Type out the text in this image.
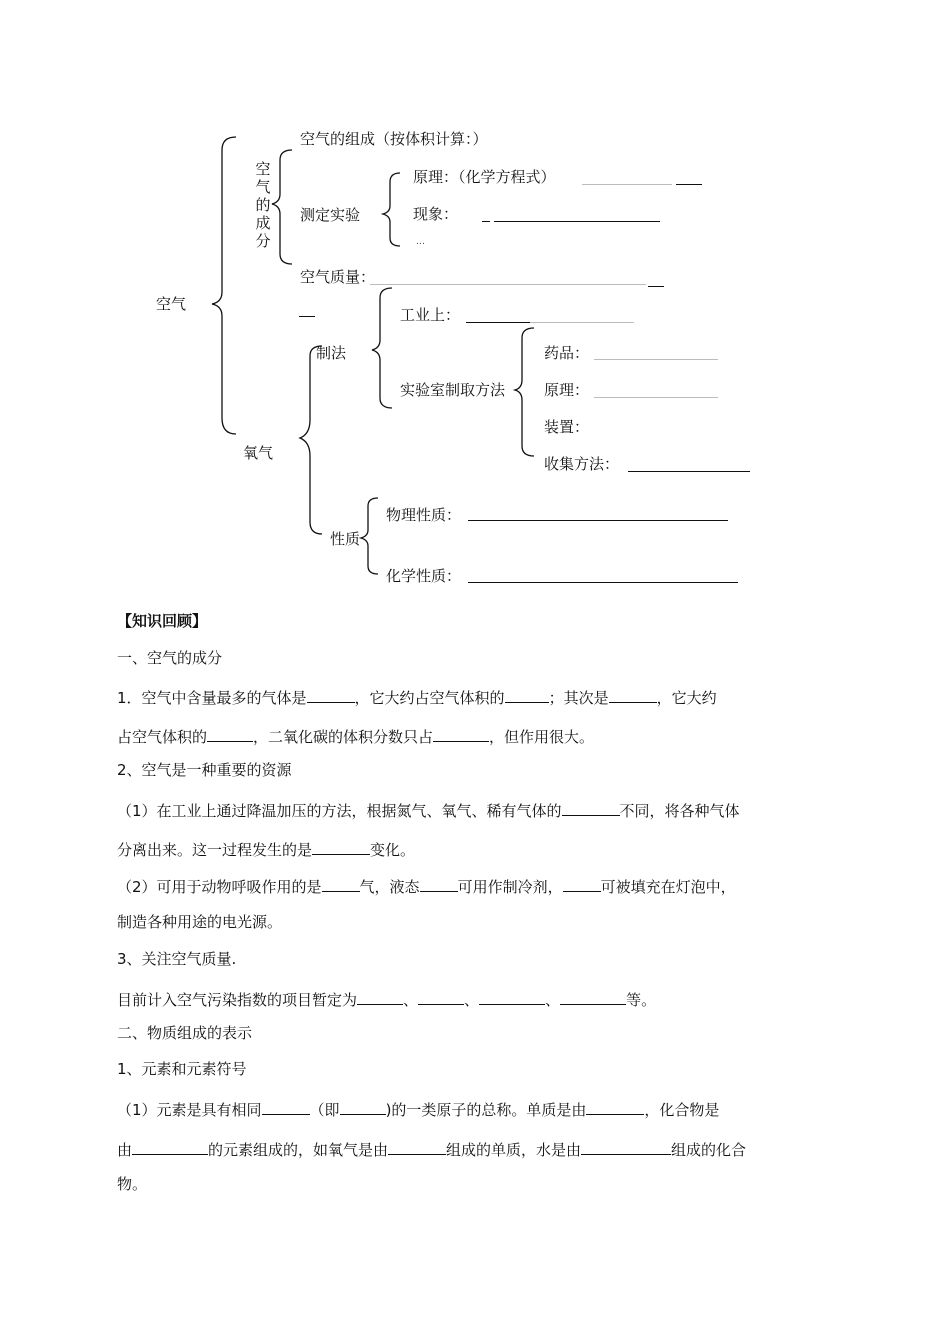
空气
空气的组成（按体积计算：）
空气的成分
测定实验
原理：（化学方程式）
现象：
…
空气质量：
氧气
制法
工业上：
实验室制取方法
药品：
原理：
装置：
收集方法：
性质
物理性质：
化学性质：
【知识回顾】
一、空气的成分
1．空气中含量最多的气体是	，它大约占空气体积的	；其次是	，它大约
占空气体积的	，二氧化碳的体积分数只占	，但作用很大。
2、空气是一种重要的资源
（1）在工业上通过降温加压的方法，根据氮气、氧气、稀有气体的	不同，将各种气体
分离出来。这一过程发生的是	变化。
（2）可用于动物呼吸作用的是	气，液态	可用作制冷剂，	可被填充在灯泡中，
制造各种用途的电光源。
3、关注空气质量.
目前计入空气污染指数的项目暂定为	、	、	、	等。
二、物质组成的表示
1、元素和元素符号
（1）元素是具有相同	（即	)的一类原子的总称。单质是由	，化合物是
由	的元素组成的，如氧气是由	组成的单质，水是由	组成的化合
物。
